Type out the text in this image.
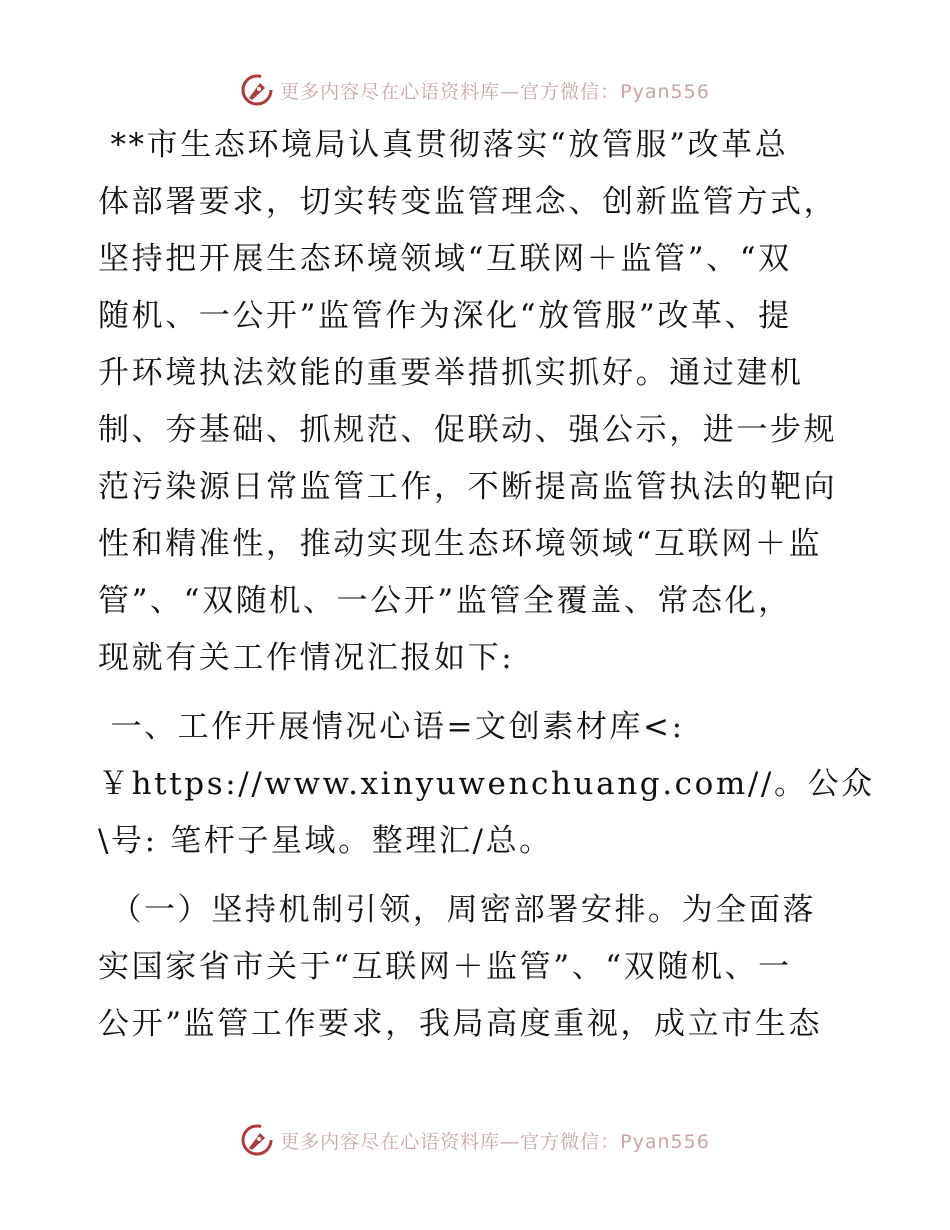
更多内容尽在心语资料库—官方微信：Pyan556
**市生态环境局认真贯彻落实“放管服”改革总
体部署要求，切实转变监管理念、创新监管方式，
坚持把开展生态环境领域“互联网＋监管”、“双
随机、一公开”监管作为深化“放管服”改革、提
升环境执法效能的重要举措抓实抓好。通过建机
制、夯基础、抓规范、促联动、强公示，进一步规
范污染源日常监管工作，不断提高监管执法的靶向
性和精准性，推动实现生态环境领域“互联网＋监
管”、“双随机、一公开”监管全覆盖、常态化，
现就有关工作情况汇报如下:
一、工作开展情况心语=文创素材库<:
￥https://www.xinyuwenchuang.com//。公众
\号: 笔杆子星域。整理汇/总。
（一）坚持机制引领，周密部署安排。为全面落
实国家省市关于“互联网＋监管”、“双随机、一
公开”监管工作要求，我局高度重视，成立市生态
更多内容尽在心语资料库—官方微信：Pyan556
